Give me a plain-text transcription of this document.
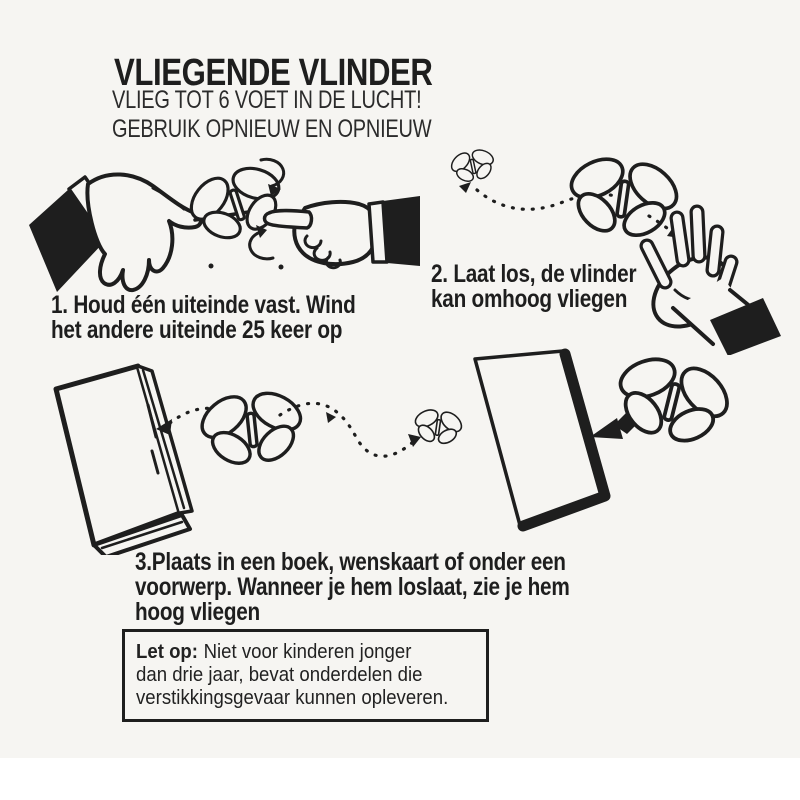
VLIEGENDE VLINDER
VLIEG TOT 6 VOET IN DE LUCHT!
GEBRUIK OPNIEUW EN OPNIEUW
1. Houd één uiteinde vast. Wind
het andere uiteinde 25 keer op
2. Laat los, de vlinder
kan omhoog vliegen
3.Plaats in een boek, wenskaart of onder een
voorwerp. Wanneer je hem loslaat, zie je hem
hoog vliegen
Let op: Niet voor kinderen jonger
dan drie jaar, bevat onderdelen die
verstikkingsgevaar kunnen opleveren.
